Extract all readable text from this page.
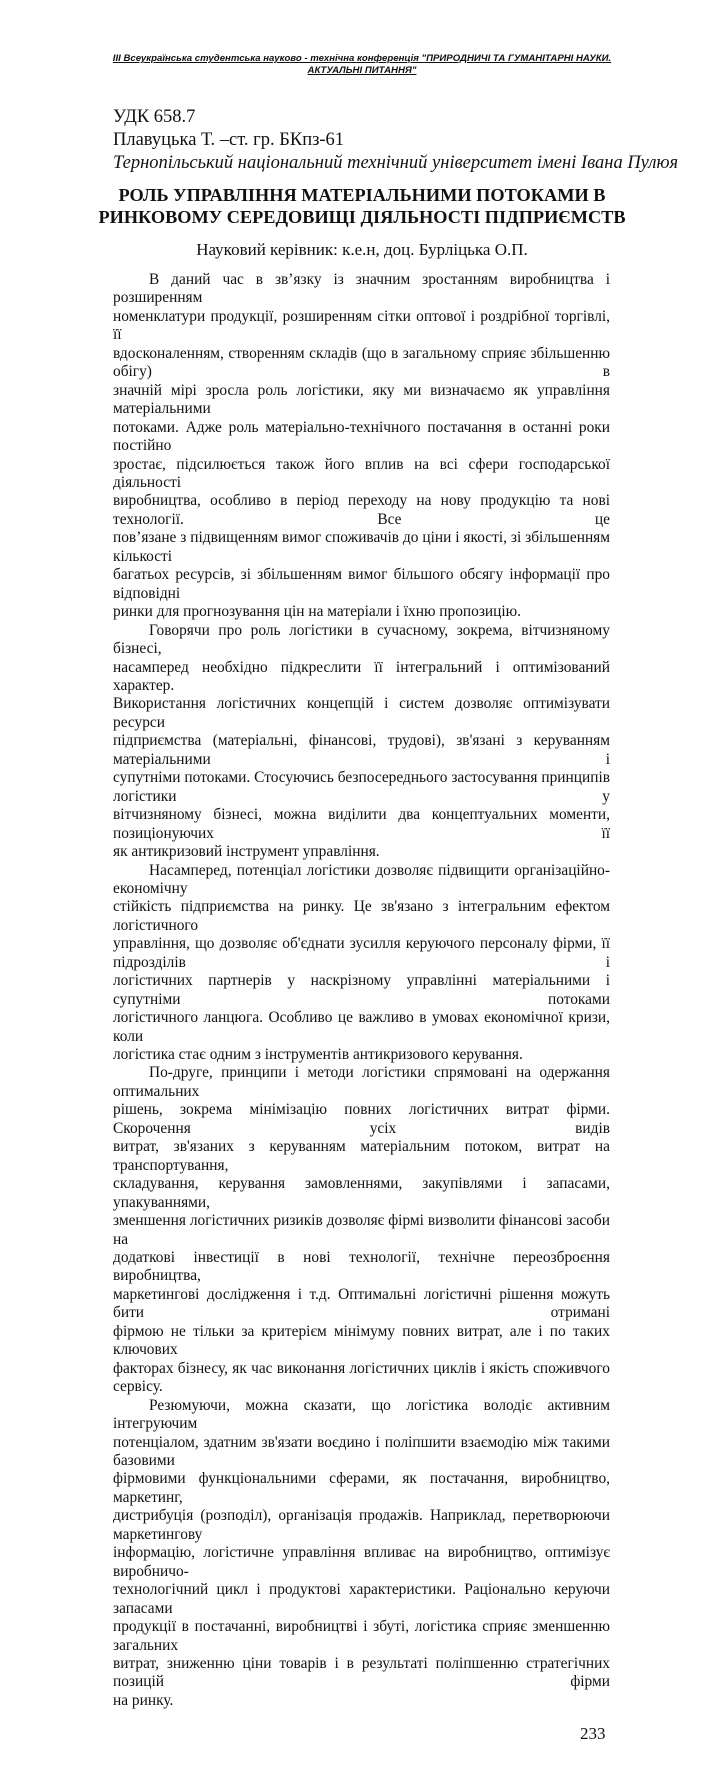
ІІІ Всеукраїнська студентська науково - технічна конференція "ПРИРОДНИЧІ ТА ГУМАНІТАРНІ НАУКИ.
АКТУАЛЬНІ ПИТАННЯ"
УДК 658.7
Плавуцька Т. –ст. гр. БКпз-61
Тернопільський національний технічний університет імені Івана Пулюя
РОЛЬ УПРАВЛІННЯ МАТЕРІАЛЬНИМИ ПОТОКАМИ В
РИНКОВОМУ СЕРЕДОВИЩІ ДІЯЛЬНОСТІ ПІДПРИЄМСТВ
Науковий керівник: к.е.н, доц. Бурліцька О.П.
В даний час в зв’язку із значним зростанням виробництва і розширенням
номенклатури продукції, розширенням сітки оптової і роздрібної торгівлі, її
вдосконаленням, створенням складів (що в загальному сприяє збільшенню обігу) в
значній мірі зросла роль логістики, яку ми визначаємо як управління матеріальними
потоками. Адже роль матеріально-технічного постачання в останні роки постійно
зростає, підсилюється також його вплив на всі сфери господарської діяльності
виробництва, особливо в період переходу на нову продукцію та нові технології. Все це
пов’язане з підвищенням вимог споживачів до ціни і якості, зі збільшенням кількості
багатьох ресурсів, зі збільшенням вимог більшого обсягу інформації про відповідні
ринки для прогнозування цін на матеріали і їхню пропозицію.
Говорячи про роль логістики в сучасному, зокрема, вітчизняному бізнесі,
насамперед необхідно підкреслити її інтегральний і оптимізований характер.
Використання логістичних концепцій і систем дозволяє оптимізувати ресурси
підприємства (матеріальні, фінансові, трудові), зв'язані з керуванням матеріальними і
супутніми потоками. Стосуючись безпосереднього застосування принципів логістики у
вітчизняному бізнесі, можна виділити два концептуальних моменти, позиціонуючих її
як антикризовий інструмент управління.
Насамперед, потенціал логістики дозволяє підвищити організаційно-економічну
стійкість підприємства на ринку. Це зв'язано з інтегральним ефектом логістичного
управління, що дозволяє об'єднати зусилля керуючого персоналу фірми, її підрозділів і
логістичних партнерів у наскрізному управлінні матеріальними і супутніми потоками
логістичного ланцюга. Особливо це важливо в умовах економічної кризи, коли
логістика стає одним з інструментів антикризового керування.
По-друге, принципи і методи логістики спрямовані на одержання оптимальних
рішень, зокрема мінімізацію повних логістичних витрат фірми. Скорочення усіх видів
витрат, зв'язаних з керуванням матеріальним потоком, витрат на транспортування,
складування, керування замовленнями, закупівлями і запасами, упакуваннями,
зменшення логістичних ризиків дозволяє фірмі визволити фінансові засоби на
додаткові інвестиції в нові технології, технічне переозброєння виробництва,
маркетингові дослідження і т.д. Оптимальні логістичні рішення можуть бити отримані
фірмою не тільки за критерієм мінімуму повних витрат, але і по таких ключових
факторах бізнесу, як час виконання логістичних циклів і якість споживчого сервісу.
Резюмуючи, можна сказати, що логістика володіє активним інтегруючим
потенціалом, здатним зв'язати воєдино і поліпшити взаємодію між такими базовими
фірмовими функціональними сферами, як постачання, виробництво, маркетинг,
дистрибуція (розподіл), організація продажів. Наприклад, перетворюючи маркетингову
інформацію, логістичне управління впливає на виробництво, оптимізує виробничо-
технологічний цикл і продуктові характеристики. Раціонально керуючи запасами
продукції в постачанні, виробництві і збуті, логістика сприяє зменшенню загальних
витрат, зниженню ціни товарів і в результаті поліпшенню стратегічних позицій фірми
на ринку.
233
